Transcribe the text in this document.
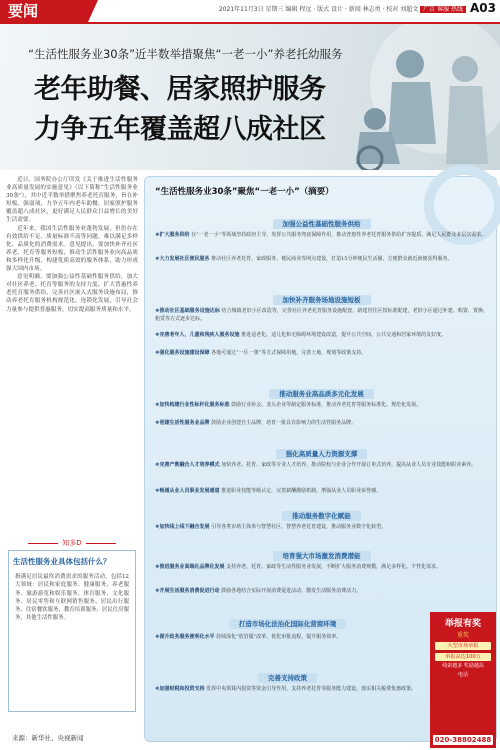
要闻	2021年11月3日 星期三 编辑 程远 · 版式 设计 · 新闻 林志勇 · 校对 刘超文 广告 客服 热线 A03
“生活性服务业30条”近半数举措聚焦“一老一小”养老托幼服务
老年助餐、居家照护服务
力争五年覆盖超八成社区

近日，国务院办公厅印发《关于推进生活性服务业高质量发展的实施意见》（以下简称“生活性服务业30条”），其中近半数举措聚焦养老托育服务，旨在补短板、强弱项，力争五年内老年助餐、居家照护服务覆盖超八成社区，更好满足人民群众日益增长的美好生活需要。

近年来，我国生活性服务业蓬勃发展，但仍存在有效供给不足、质量标准不高等问题，难以满足多样化、品质化的消费需求。意见提出，要加快补齐社区养老、托育等服务短板，推动生活性服务业向高品质和多样化升级，构建优质高效的服务体系，助力形成强大国内市场。

意见明确，要加强公益性基础性服务供给，加大对社区养老、托育等服务的支持力度，扩大普惠性养老托育服务供给，完善社区嵌入式服务设施布局，推动养老托育服务机构规范化、连锁化发展，引导社会力量参与提供普惠服务，切实提高服务质量和水平。

知多D
生活性服务业具体包括什么？
指满足居民最终消费需求的服务活动，包括12大领域：居民和家庭服务、健康服务、养老服务、旅游游览和娱乐服务、体育服务、文化服务、居民零售和互联网销售服务、居民出行服务、住宿餐饮服务、教育培训服务、居民住房服务、其他生活性服务。
来源：新华社、央视新闻
“生活性服务业30条”聚焦“一老一小”（摘要）
加强公益性基础性服务供给
❖扩大服务供给 在“一老一小”等领域坚持政府主导，发挥公共服务兜底保障作用，推动普惠性养老托育服务供给扩容提质，满足人民群众多层次需求。
❖大力发展社区便民服务 推动社区养老托育、家政服务、便民商业等网点建设，打造15分钟便民生活圈，方便群众就近就便获得服务。
加快补齐服务场地设施短板
❖推动社区基础服务设施达标 结合城镇老旧小区改造等，完善社区养老托育服务设施配套，新建居住区按标准配建，老旧小区通过补建、购置、置换、租赁等方式逐步达标。
❖完善老年人、儿童和残疾人服务设施 推进适老化、适儿化和无障碍环境建设改造，提升公共空间、公共交通和居家环境的友好度。
❖强化服务设施建设保障 各地可通过“一区一策”等方式保障用地，完善土地、规划等政策支持。
推动服务业高品质多元化发展
❖加快构建行业性标杆化服务标准 鼓励行业协会、龙头企业等制定服务标准，推动养老托育等服务标准化、规范化发展。
❖创建生活性服务业品牌 鼓励企业创建自主品牌，培育一批具有影响力的生活性服务品牌。
强化高质量人力资源支撑
❖完善产教融合人才培养模式 加快养老、托育、家政等专业人才培养，推动院校与企业合作开展订单式培养，提高从业人员专业技能和职业素养。
❖畅通从业人员职业发展通道 推进职业技能等级认定，完善薪酬激励机制，增强从业人员职业荣誉感。
推动服务数字化赋能
❖加快线上线下融合发展 引导各类市场主体参与智慧社区、智慧养老托育建设，推动服务业数字化转型。
培育强大市场激发消费潜能
❖推进服务业高端化品牌化发展 支持养老、托育、家政等生活性服务业发展，不断扩大服务消费规模，满足多样化、个性化需求。
❖开展生活服务消费促进行动 鼓励各地结合实际开展消费促进活动，激发生活服务消费活力。
打造市场化法治化国际化营商环境
❖提升政务服务便利化水平 持续深化“放管服”改革，优化审批流程，提升服务效率。
完善支持政策
❖加强财税和投资支持 发挥中央预算内投资等资金引导作用，支持养老托育等服务能力建设，落实相关税费优惠政策。
举报有奖
重奖
大型市场举报
举报高达100万
线索越多 奖励越高
电话
020-38802488
